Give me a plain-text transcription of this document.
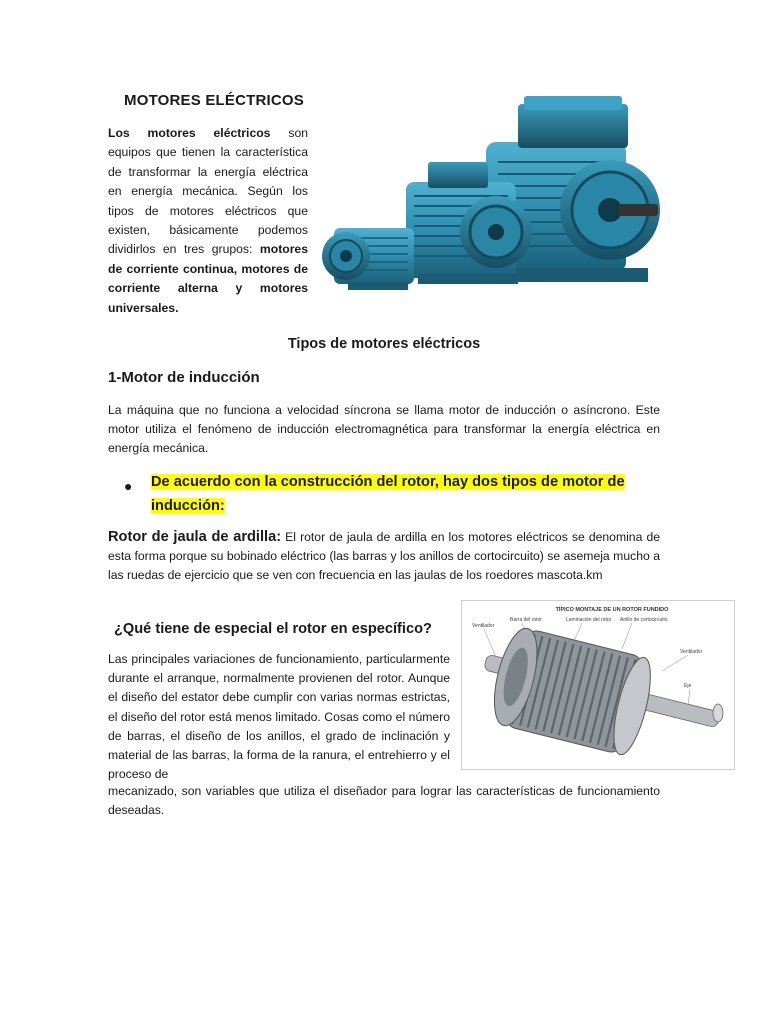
MOTORES ELÉCTRICOS
Los motores eléctricos son equipos que tienen la característica de transformar la energía eléctrica en energía mecánica. Según los tipos de motores eléctricos que existen, básicamente podemos dividirlos en tres grupos: motores de corriente continua, motores de corriente alterna y motores universales.
Tipos de motores eléctricos
1-Motor de inducción
La máquina que no funciona a velocidad síncrona se llama motor de inducción o asíncrono. Este motor utiliza el fenómeno de inducción electromagnética para transformar la energía eléctrica en energía mecánica.
● De acuerdo con la construcción del rotor, hay dos tipos de motor de
inducción:
Rotor de jaula de ardilla: El rotor de jaula de ardilla en los motores eléctricos se denomina de esta forma porque su bobinado eléctrico (las barras y los anillos de cortocircuito) se asemeja mucho a las ruedas de ejercicio que se ven con frecuencia en las jaulas de los roedores mascota.km
¿Qué tiene de especial el rotor en específico?
Las principales variaciones de funcionamiento, particularmente durante el arranque, normalmente provienen del rotor. Aunque el diseño del estator debe cumplir con varias normas estrictas, el diseño del rotor está menos limitado. Cosas como el número de barras, el diseño de los anillos, el grado de inclinación y material de las barras, la forma de la ranura, el entrehierro y el proceso de
mecanizado, son variables que utiliza el diseñador para lograr las características de funcionamiento deseadas.
TÍPICO MONTAJE DE UN ROTOR FUNDIDO
Ventilador
Barra del rotor	Laminación del rotor Anillo de cortocircuito
Ventilador
Eje
